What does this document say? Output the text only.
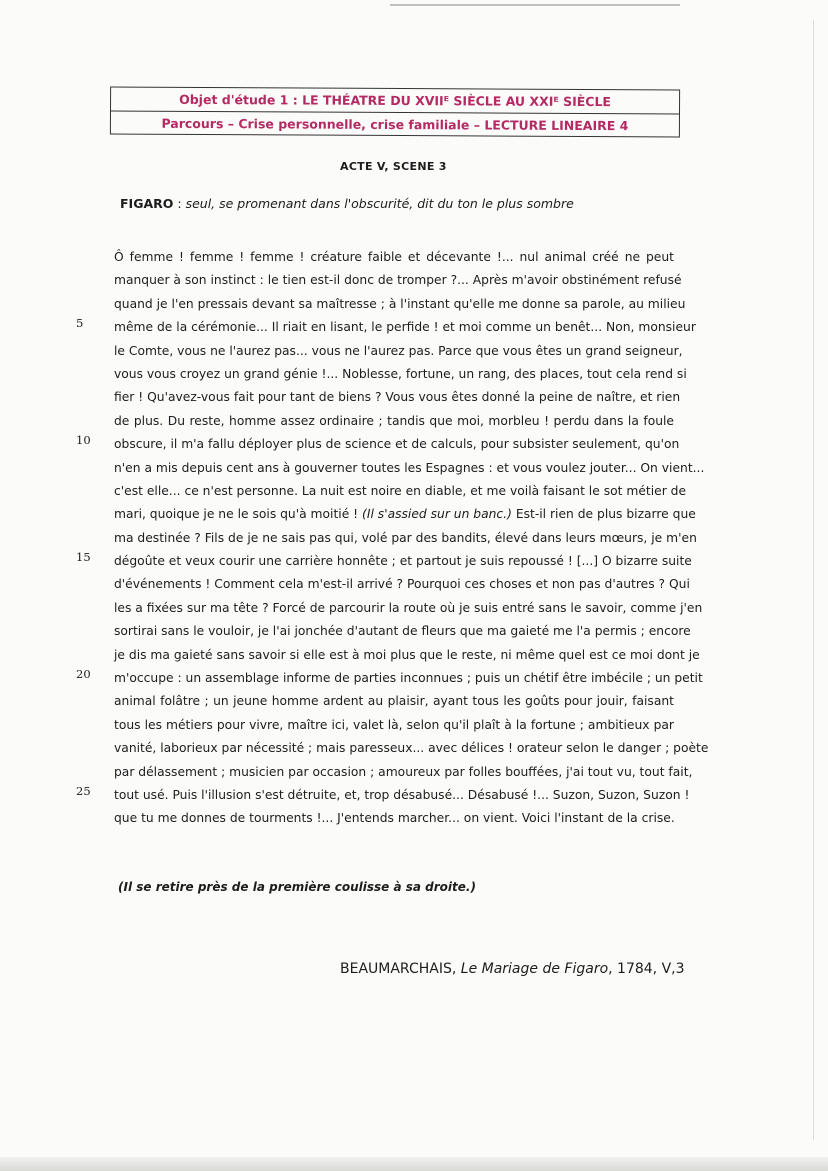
Objet d'étude 1 : LE THÉATRE DU XVIIᴱ SIÈCLE AU XXIᴱ SIÈCLE
Parcours – Crise personnelle, crise familiale – LECTURE LINEAIRE 4
ACTE V, SCENE 3
FIGARO : seul, se promenant dans l'obscurité, dit du ton le plus sombre
5
10
15
20
25
Ô femme ! femme ! femme ! créature faible et décevante !... nul animal créé ne peut
manquer à son instinct : le tien est-il donc de tromper ?... Après m'avoir obstinément refusé
quand je l'en pressais devant sa maîtresse ; à l'instant qu'elle me donne sa parole, au milieu
même de la cérémonie... Il riait en lisant, le perfide ! et moi comme un benêt... Non, monsieur
le Comte, vous ne l'aurez pas... vous ne l'aurez pas. Parce que vous êtes un grand seigneur,
vous vous croyez un grand génie !... Noblesse, fortune, un rang, des places, tout cela rend si
fier ! Qu'avez-vous fait pour tant de biens ? Vous vous êtes donné la peine de naître, et rien
de plus. Du reste, homme assez ordinaire ; tandis que moi, morbleu ! perdu dans la foule
obscure, il m'a fallu déployer plus de science et de calculs, pour subsister seulement, qu'on
n'en a mis depuis cent ans à gouverner toutes les Espagnes : et vous voulez jouter... On vient...
c'est elle... ce n'est personne. La nuit est noire en diable, et me voilà faisant le sot métier de
mari, quoique je ne le sois qu'à moitié ! (Il s'assied sur un banc.) Est-il rien de plus bizarre que
ma destinée ? Fils de je ne sais pas qui, volé par des bandits, élevé dans leurs mœurs, je m'en
dégoûte et veux courir une carrière honnête ; et partout je suis repoussé ! [...] O bizarre suite
d'événements ! Comment cela m'est-il arrivé ? Pourquoi ces choses et non pas d'autres ? Qui
les a fixées sur ma tête ? Forcé de parcourir la route où je suis entré sans le savoir, comme j'en
sortirai sans le vouloir, je l'ai jonchée d'autant de fleurs que ma gaieté me l'a permis ; encore
je dis ma gaieté sans savoir si elle est à moi plus que le reste, ni même quel est ce moi dont je
m'occupe : un assemblage informe de parties inconnues ; puis un chétif être imbécile ; un petit
animal folâtre ; un jeune homme ardent au plaisir, ayant tous les goûts pour jouir, faisant
tous les métiers pour vivre, maître ici, valet là, selon qu'il plaît à la fortune ; ambitieux par
vanité, laborieux par nécessité ; mais paresseux... avec délices ! orateur selon le danger ; poète
par délassement ; musicien par occasion ; amoureux par folles bouffées, j'ai tout vu, tout fait,
tout usé. Puis l'illusion s'est détruite, et, trop désabusé... Désabusé !... Suzon, Suzon, Suzon !
que tu me donnes de tourments !... J'entends marcher... on vient. Voici l'instant de la crise.
(Il se retire près de la première coulisse à sa droite.)
BEAUMARCHAIS, Le Mariage de Figaro, 1784, V,3
